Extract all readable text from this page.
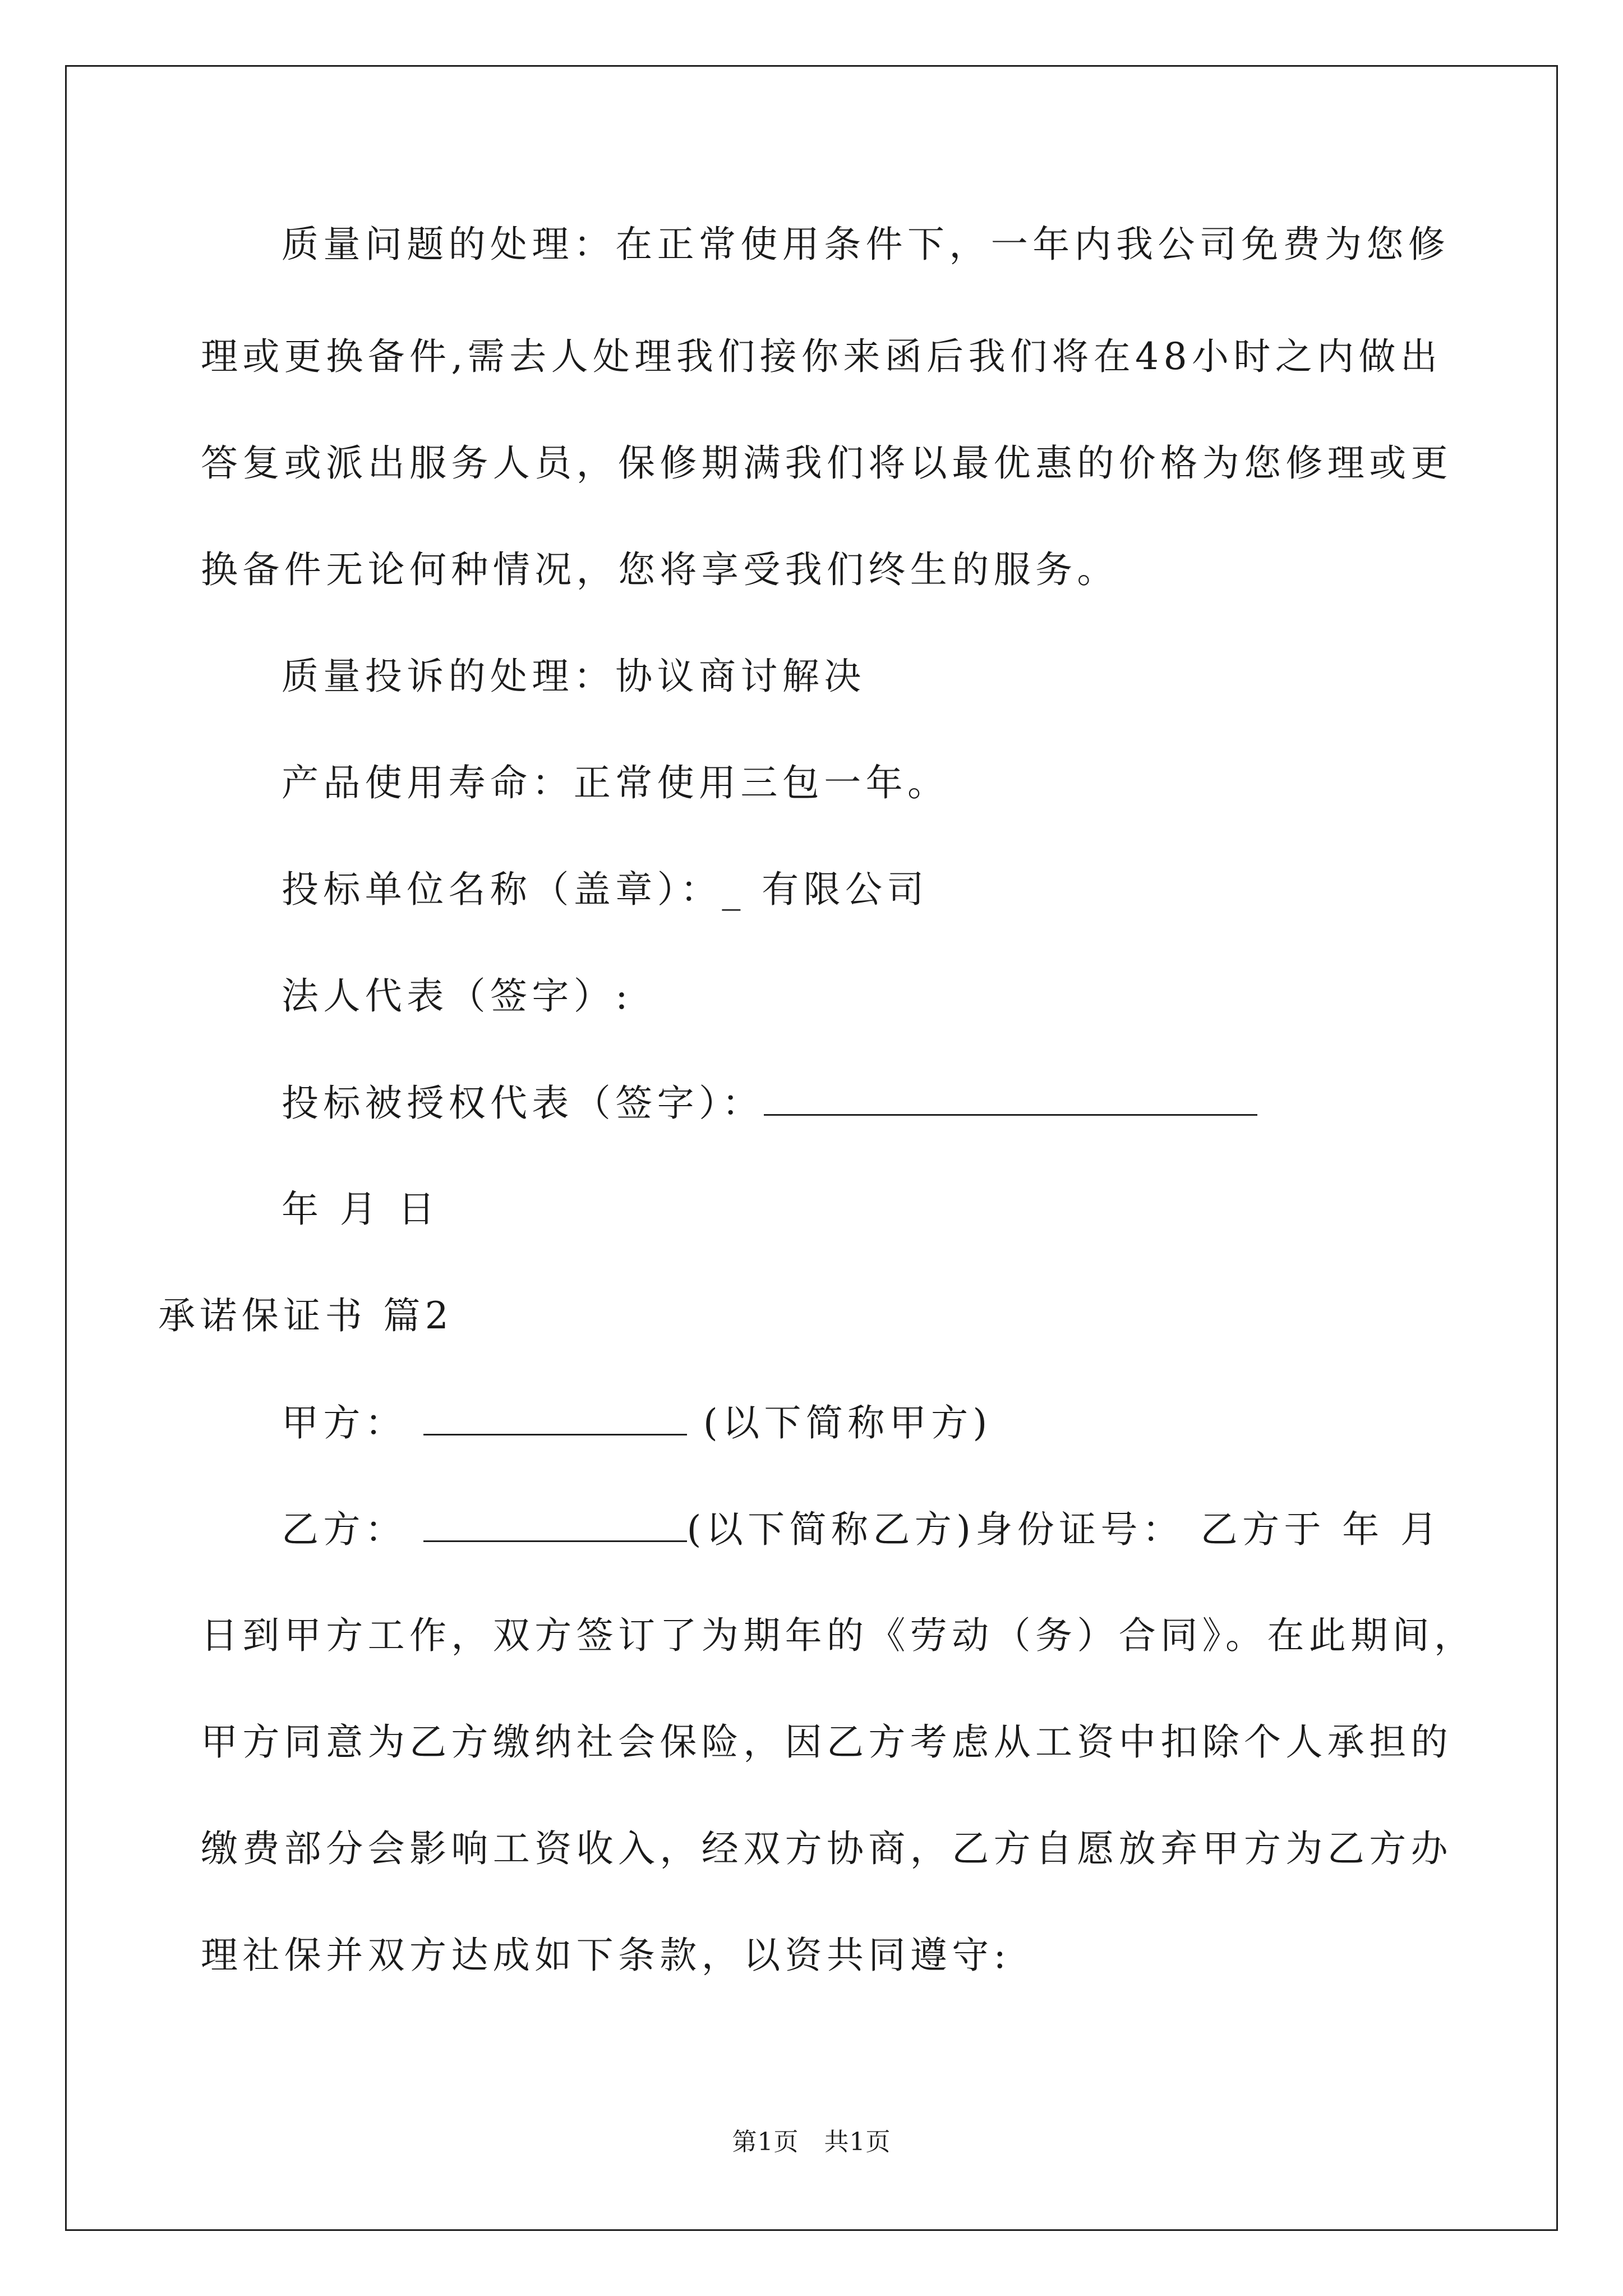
质量问题的处理：在正常使用条件下，一年内我公司免费为您修

理或更换备件,需去人处理我们接你来函后我们将在48小时之内做出

答复或派出服务人员，保修期满我们将以最优惠的价格为您修理或更

换备件无论何种情况，您将享受我们终生的服务。

质量投诉的处理：协议商讨解决

产品使用寿命：正常使用三包一年。

投标单位名称（盖章）：_ 有限公司

法人代表（签字）:

投标被授权代表（签字）：

年 月 日

承诺保证书 篇2

甲方：	(以下简称甲方)

乙方：	(以下简称乙方)身份证号： 乙方于 年 月

日到甲方工作，双方签订了为期年的《劳动（务）合同》。在此期间，

甲方同意为乙方缴纳社会保险，因乙方考虑从工资中扣除个人承担的

缴费部分会影响工资收入，经双方协商，乙方自愿放弃甲方为乙方办

理社保并双方达成如下条款，以资共同遵守:

第1页   共1页
